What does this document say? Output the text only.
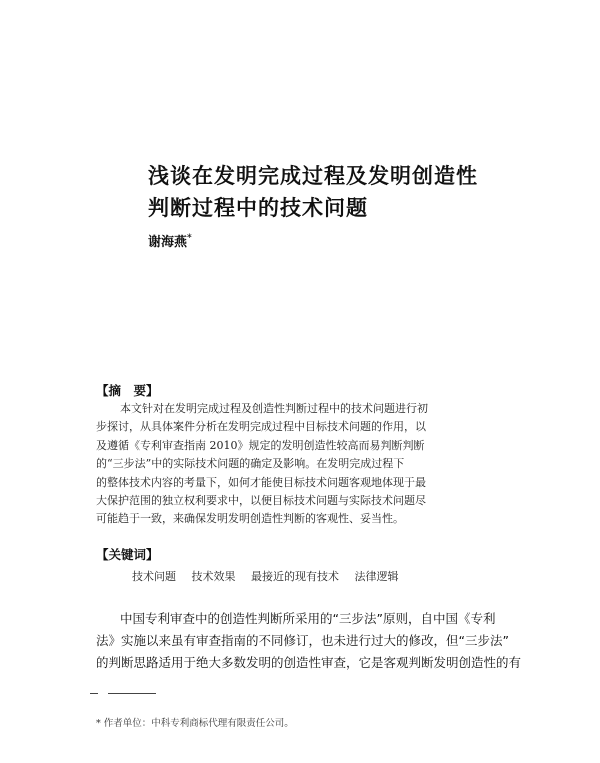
浅谈在发明完成过程及发明创造性
判断过程中的技术问题
谢海燕*
【摘　要】
本文针对在发明完成过程及创造性判断过程中的技术问题进行初
步探讨，从具体案件分析在发明完成过程中目标技术问题的作用，以
及遵循《专利审查指南 2010》规定的发明创造性较高而易判断判断
的“三步法”中的实际技术问题的确定及影响。在发明完成过程下
的整体技术内容的考量下，如何才能使目标技术问题客观地体现于最
大保护范围的独立权利要求中，以便目标技术问题与实际技术问题尽
可能趋于一致，来确保发明发明创造性判断的客观性、妥当性。
【关键词】
技术问题 技术效果 最接近的现有技术 法律逻辑
中国专利审查中的创造性判断所采用的“三步法”原则，自中国《专利
法》实施以来虽有审查指南的不同修订，也未进行过大的修改，但“三步法”
的判断思路适用于绝大多数发明的创造性审查，它是客观判断发明创造性的有
* 作者单位：中科专利商标代理有限责任公司。
